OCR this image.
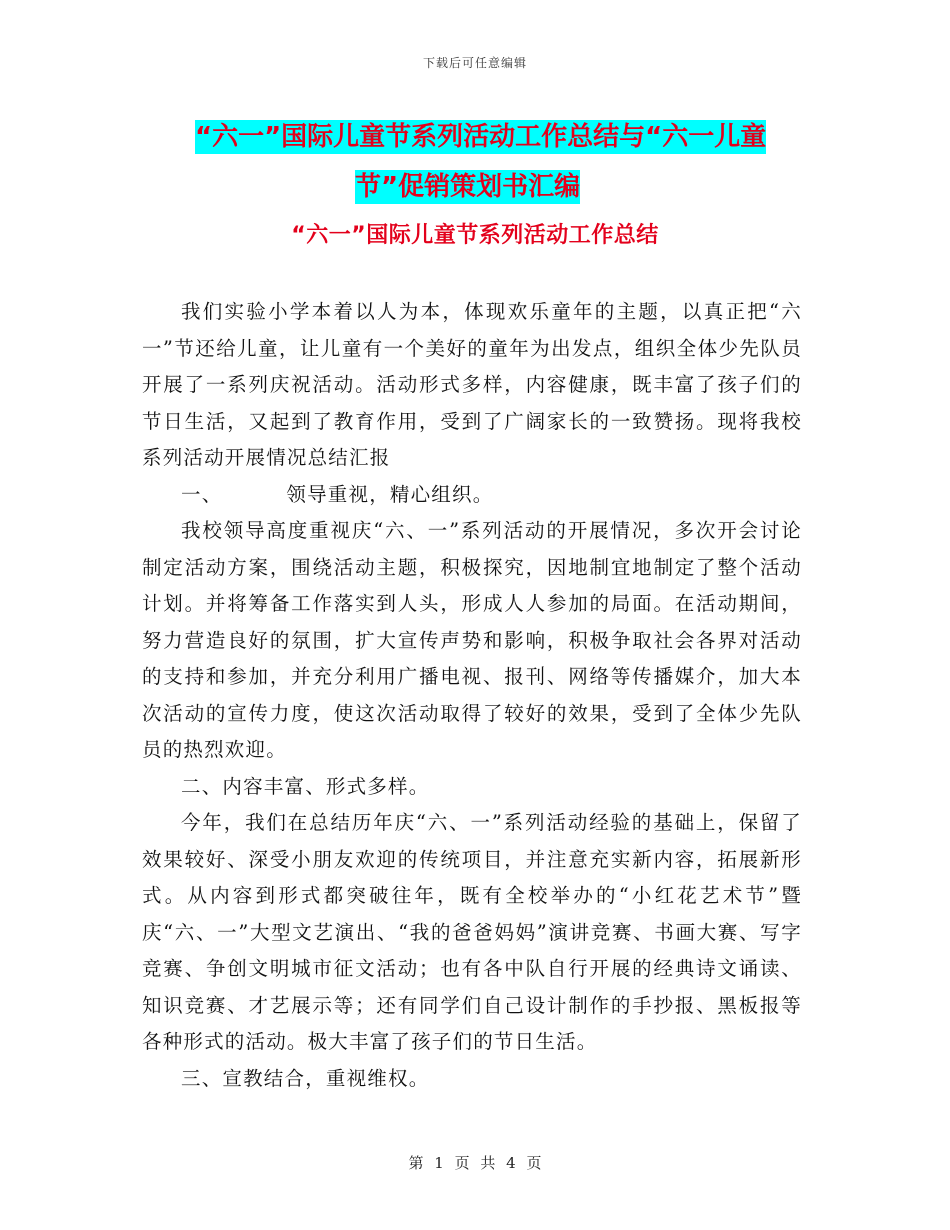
下载后可任意编辑
“六一”国际儿童节系列活动工作总结与“六一儿童
节”促销策划书汇编
“六一”国际儿童节系列活动工作总结

我们实验小学本着以人为本，体现欢乐童年的主题，以真正把“六一”节还给儿童，让儿童有一个美好的童年为出发点，组织全体少先队员开展了一系列庆祝活动。活动形式多样，内容健康，既丰富了孩子们的节日生活，又起到了教育作用，受到了广阔家长的一致赞扬。现将我校系列活动开展情况总结汇报

一、	领导重视，精心组织。

我校领导高度重视庆“六、一”系列活动的开展情况，多次开会讨论制定活动方案，围绕活动主题，积极探究，因地制宜地制定了整个活动计划。并将筹备工作落实到人头，形成人人参加的局面。在活动期间，努力营造良好的氛围，扩大宣传声势和影响，积极争取社会各界对活动的支持和参加，并充分利用广播电视、报刊、网络等传播媒介，加大本次活动的宣传力度，使这次活动取得了较好的效果，受到了全体少先队员的热烈欢迎。

二、内容丰富、形式多样。

今年，我们在总结历年庆“六、一”系列活动经验的基础上，保留了效果较好、深受小朋友欢迎的传统项目，并注意充实新内容，拓展新形式。从内容到形式都突破往年，既有全校举办的“小红花艺术节”暨庆“六、一”大型文艺演出、“我的爸爸妈妈”演讲竞赛、书画大赛、写字竞赛、争创文明城市征文活动；也有各中队自行开展的经典诗文诵读、知识竞赛、才艺展示等；还有同学们自己设计制作的手抄报、黑板报等各种形式的活动。极大丰富了孩子们的节日生活。

三、宣教结合，重视维权。

第 1 页 共 4 页
